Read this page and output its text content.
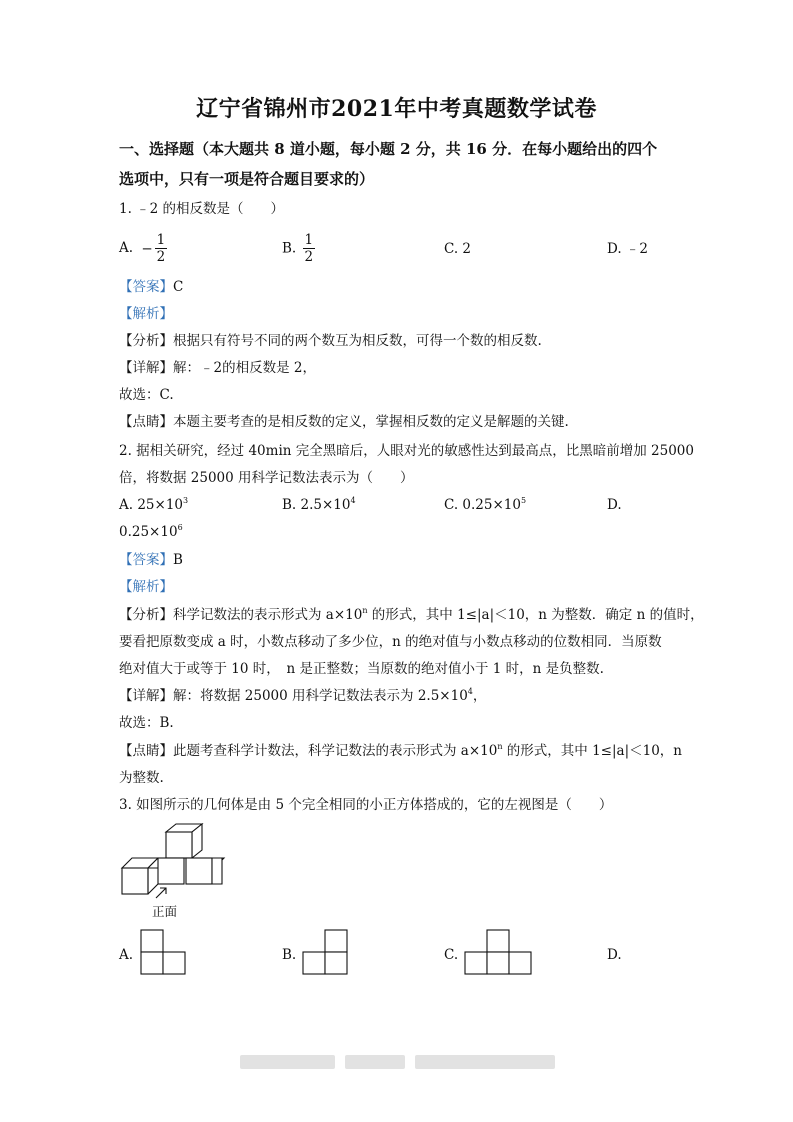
辽宁省锦州市2021年中考真题数学试卷
一、选择题（本大题共 8 道小题，每小题 2 分，共 16 分．在每小题给出的四个
选项中，只有一项是符合题目要求的）
1. ﹣2 的相反数是（　　）
A. − $\frac{1}{2}$	B. $\frac{1}{2}$	C. 2	D. ﹣2
【答案】C
【解析】
【分析】根据只有符号不同的两个数互为相反数，可得一个数的相反数.
【详解】解：﹣2的相反数是 2，
故选：C.
【点睛】本题主要考查的是相反数的定义，掌握相反数的定义是解题的关键.
2. 据相关研究，经过 40min 完全黑暗后，人眼对光的敏感性达到最高点，比黑暗前增加 25000
倍，将数据 25000 用科学记数法表示为（　　）
A. $25\times 10^3$	B. $2.5\times 10^4$	C. $0.25\times 10^5$	D.
$0.25\times 10^6$
【答案】B
【解析】
【分析】科学记数法的表示形式为 $a\times 10^n$ 的形式，其中 1≤|a|＜10，n 为整数．确定 n 的值时，
要看把原数变成 a 时，小数点移动了多少位，n 的绝对值与小数点移动的位数相同．当原数
绝对值大于或等于 10 时，　n 是正整数；当原数的绝对值小于 1 时，n 是负整数.
【详解】解：将数据 25000 用科学记数法表示为 $2.5\times 10^4$，
故选：B.
【点睛】此题考查科学计数法，科学记数法的表示形式为 $a\times 10^n$ 的形式，其中 1≤|a|＜10，n
为整数.
3. 如图所示的几何体是由 5 个完全相同的小正方体搭成的，它的左视图是（　　）
正面
A.	B.	C.	D.
